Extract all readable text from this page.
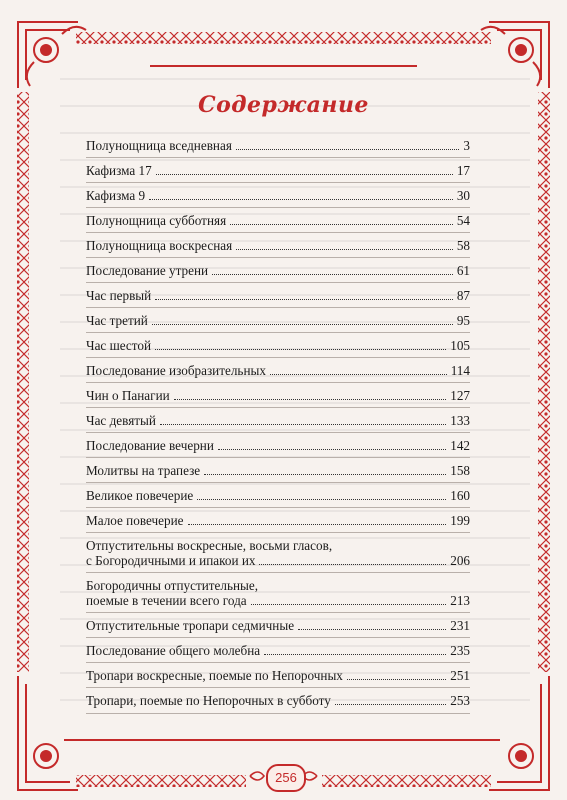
Содержание
Полунощница вседневная	3
Кафизма 17	17
Кафизма 9	30
Полунощница субботняя	54
Полунощница воскресная	58
Последование утрени	61
Час первый	87
Час третий	95
Час шестой	105
Последование изобразительных	114
Чин о Панагии	127
Час девятый	133
Последование вечерни	142
Молитвы на трапезе	158
Великое повечерие	160
Малое повечерие	199
Отпустительны воскресные, восьми гласов,
с Богородичными и ипакои их	206
Богородичны отпустительные,
поемые в течении всего года	213
Отпустительные тропари седмичные	231
Последование общего молебна	235
Тропари воскресные, поемые по Непорочных	251
Тропари, поемые по Непорочных в субботу	253
256
